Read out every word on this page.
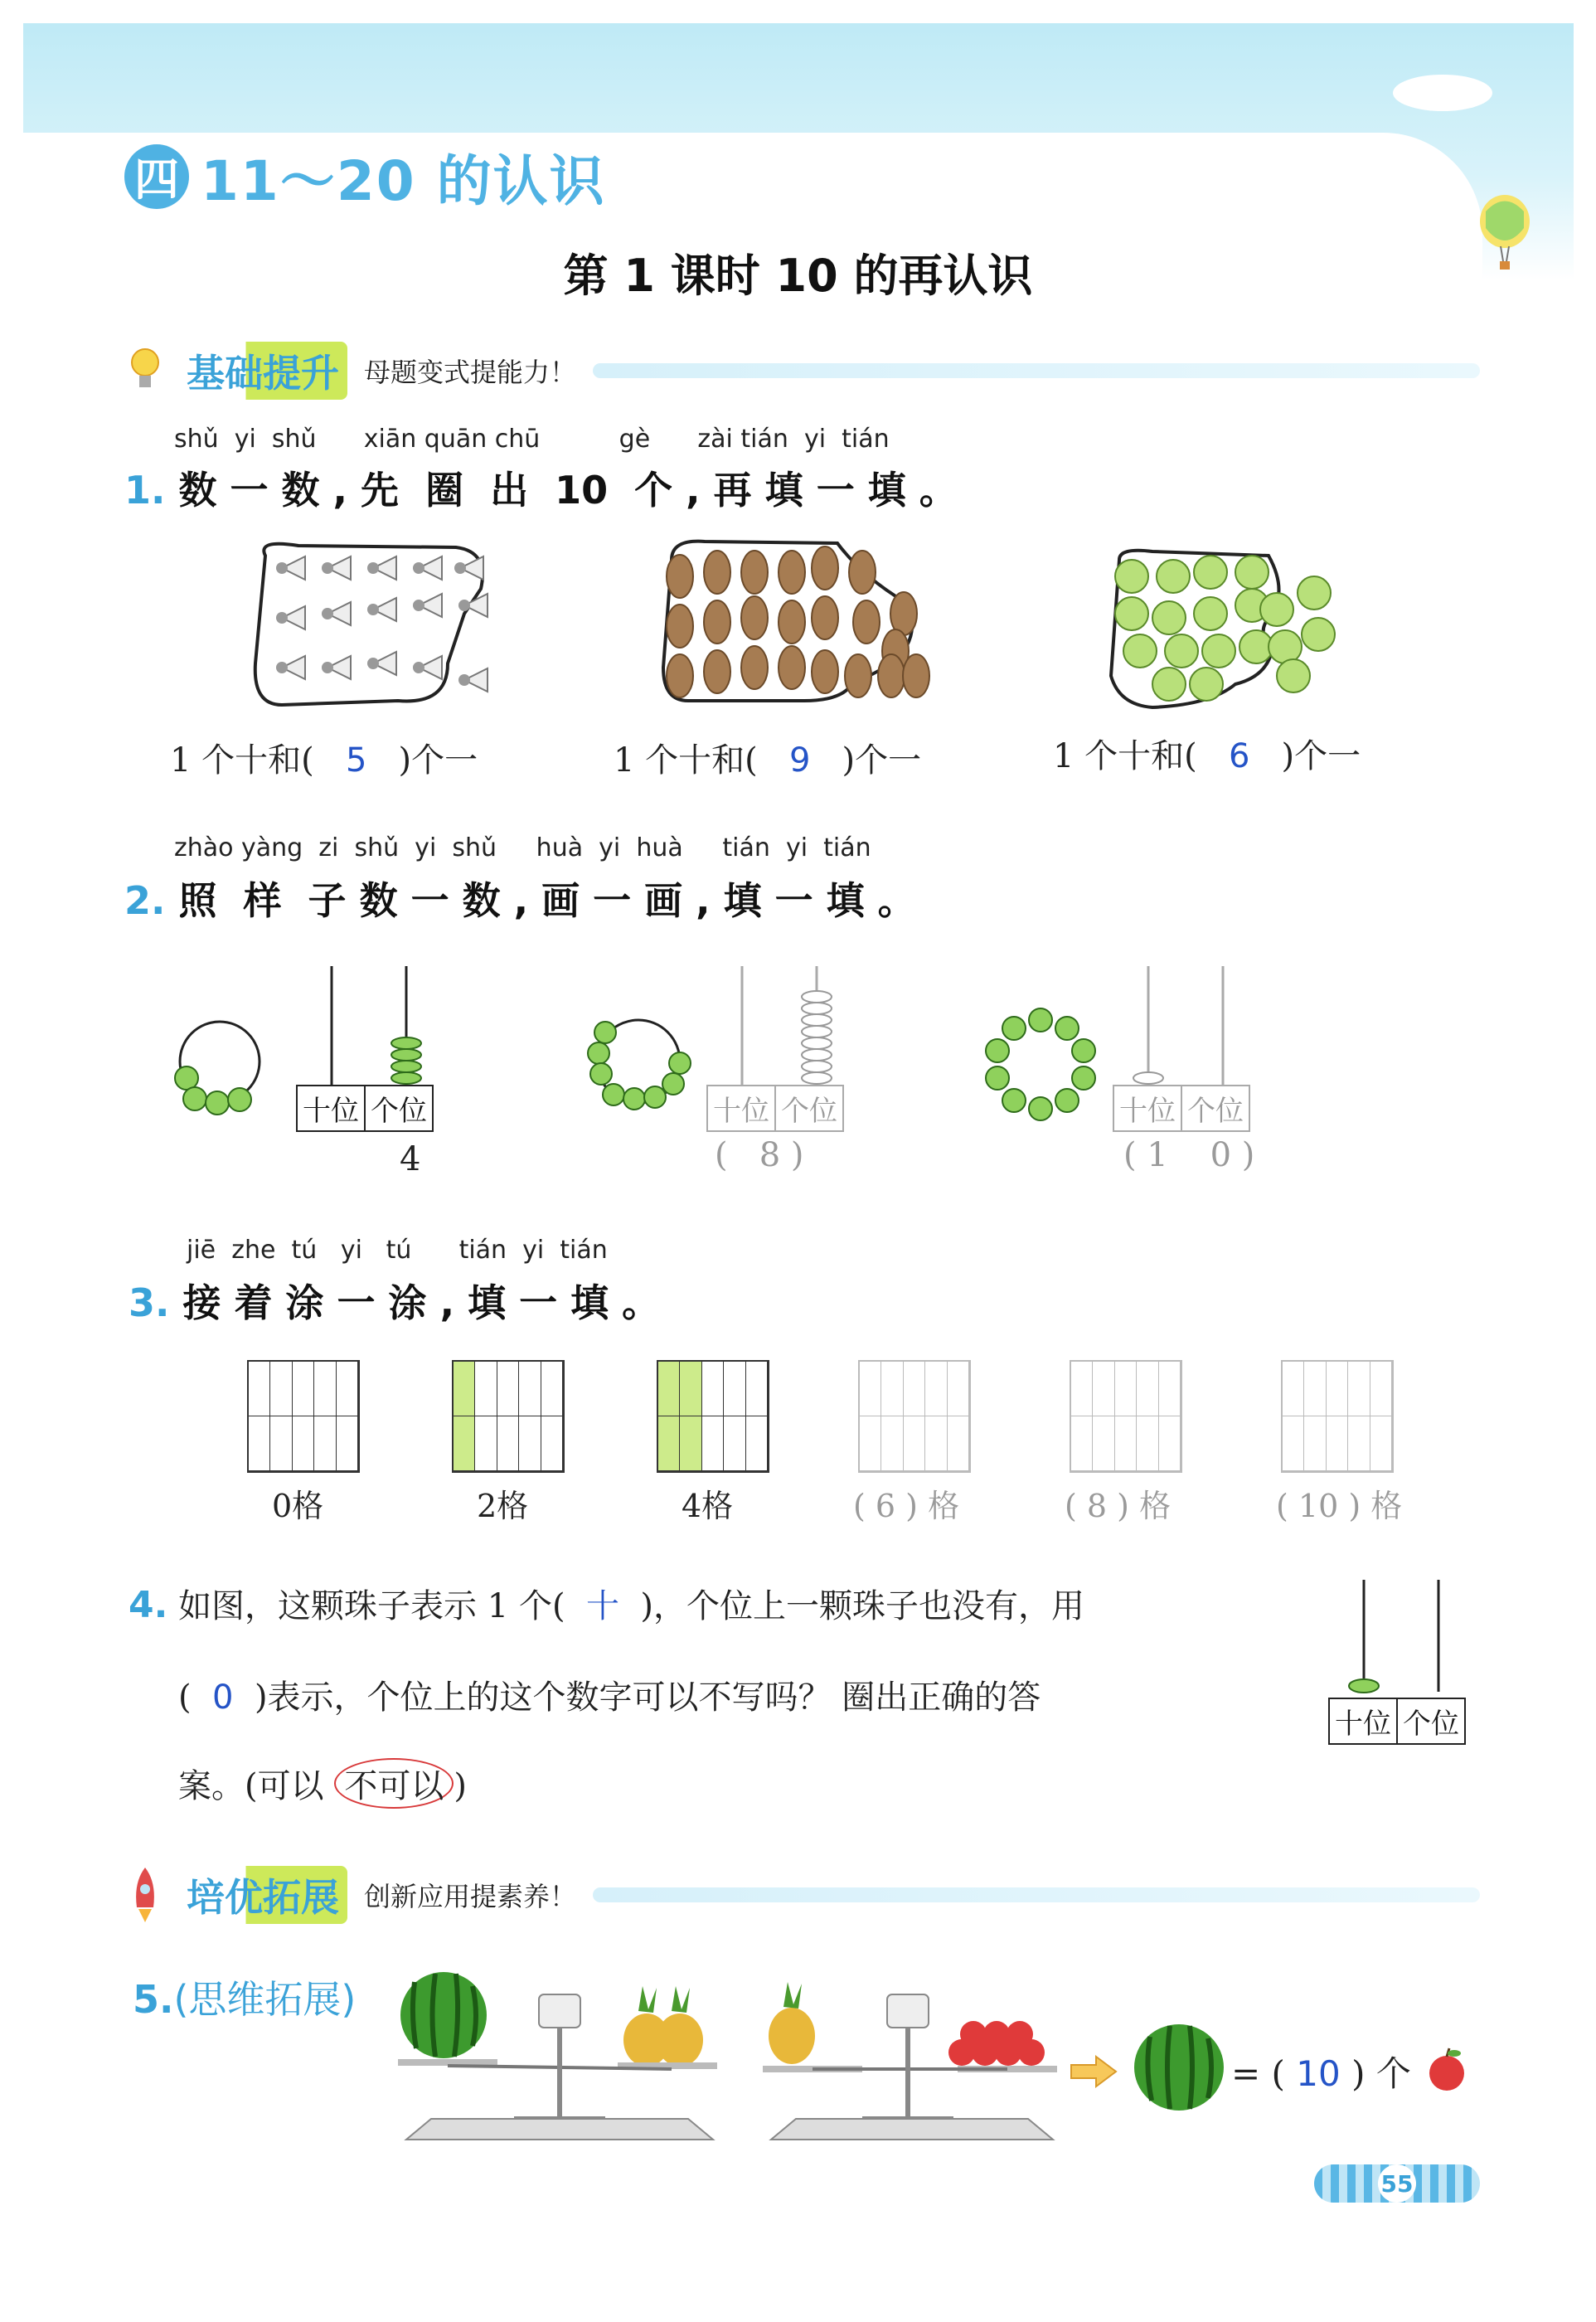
四 11～20 的认识
第 1 课时 10 的再认识
基础提升 母题变式提能力！
shǔ  yi  shǔ      xiān quān chū          gè      zài tián  yi  tián
1. 数 一 数 , 先  圈  出  10  个 , 再 填 一 填 。
1 个十和( 5 )个一	1 个十和( 9 )个一	1 个十和( 6 )个一
zhào yàng  zi  shǔ  yi  shǔ     huà  yi  huà     tián  yi  tián
2. 照  样  子 数 一 数 , 画 一 画 , 填 一 填 。
十位 个位
4
十位 个位
(   8 )
十位 个位
( 1    0 )
jiē  zhe  tú   yi   tú      tián  yi  tián
3. 接 着 涂 一 涂 , 填 一 填 。
0格	2格	4格	( 6 ) 格	( 8 ) 格	( 10 ) 格
4. 如图，这颗珠子表示 1 个( 十 )，个位上一颗珠子也没有，用
( 0 )表示，个位上的这个数字可以不写吗？ 圈出正确的答
案。(可以 不可以 )
十位 个位
培优拓展 创新应用提素养！
5.(思维拓展)
= ( 10 ) 个
55
